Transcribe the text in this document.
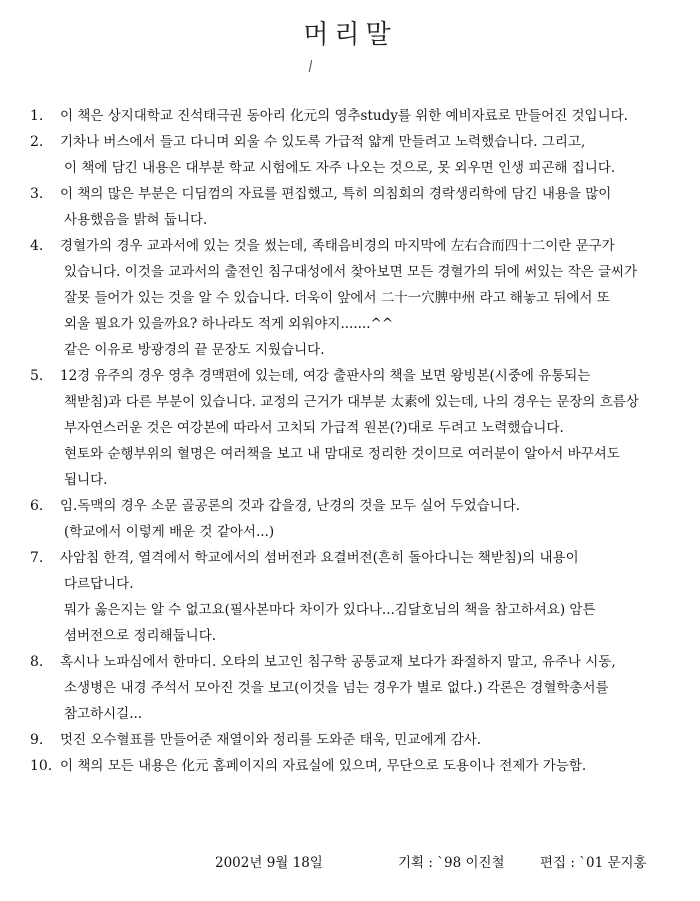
머리말
1.	이 책은 상지대학교 진석태극권 동아리 化元의 영추study를 위한 예비자료로 만들어진 것입니다.
2.	기차나 버스에서 들고 다니며 외울 수 있도록 가급적 얇게 만들려고 노력했습니다. 그리고,
이 책에 담긴 내용은 대부분 학교 시험에도 자주 나오는 것으로, 못 외우면 인생 피곤해 집니다.
3.	이 책의 많은 부분은 디딤껌의 자료를 편집했고, 특히 의침회의 경락생리학에 담긴 내용을 많이
사용했음을 밝혀 둡니다.
4.	경혈가의 경우 교과서에 있는 것을 썼는데, 족태음비경의 마지막에 左右合而四十二이란 문구가
있습니다. 이것을 교과서의 출전인 침구대성에서 찾아보면 모든 경혈가의 뒤에 써있는 작은 글씨가
잘못 들어가 있는 것을 알 수 있습니다. 더욱이 앞에서 二十一穴脾中州 라고 해놓고 뒤에서 또
외울 필요가 있을까요? 하나라도 적게 외워야지.......^^
같은 이유로 방광경의 끝 문장도 지웠습니다.
5.	12경 유주의 경우 영추 경맥편에 있는데, 여강 출판사의 책을 보면 왕빙본(시중에 유통되는
책받침)과 다른 부분이 있습니다. 교정의 근거가 대부분 太素에 있는데, 나의 경우는 문장의 흐름상
부자연스러운 것은 여강본에 따라서 고치되 가급적 원본(?)대로 두려고 노력했습니다.
현토와 순행부위의 혈명은 여러책을 보고 내 맘대로 정리한 것이므로 여러분이 알아서 바꾸셔도
됩니다.
6.	임.독맥의 경우 소문 골공론의 것과 갑을경, 난경의 것을 모두 실어 두었습니다.
(학교에서 이렇게 배운 것 같아서...)
7.	사암침 한격, 열격에서 학교에서의 셤버전과 요결버전(흔히 돌아다니는 책받침)의 내용이
다르답니다.
뭐가 옳은지는 알 수 없고요(필사본마다 차이가 있다나...김달호님의 책을 참고하셔요) 암튼
셤버전으로 정리해둡니다.
8.	혹시나 노파심에서 한마디. 오타의 보고인 침구학 공통교재 보다가 좌절하지 말고, 유주나 시동,
소생병은 내경 주석서 모아진 것을 보고(이것을 넘는 경우가 별로 없다.) 각론은 경혈학총서를
참고하시길...
9.	멋진 오수혈표를 만들어준 재열이와 정리를 도와준 태욱, 민교에게 감사.
10. 이 책의 모든 내용은 化元 홈페이지의 자료실에 있으며, 무단으로 도용이나 전제가 가능함.
2002년 9월 18일	기획 : `98 이진철	편집 : `01 문지홍
